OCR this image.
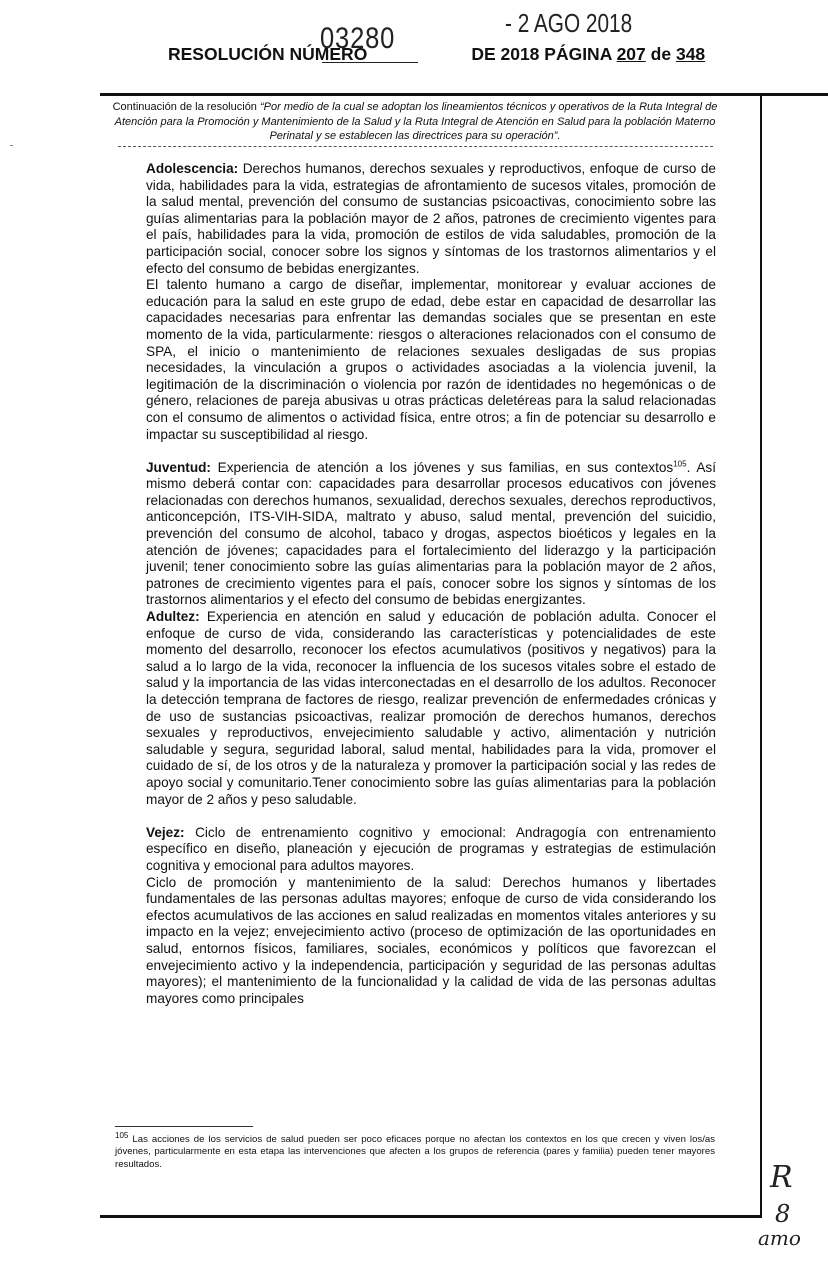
03280	- 2 AGO 2018
RESOLUCIÓN NÚMERO	DE 2018 PÁGINA 207 de 348
Continuación de la resolución “Por medio de la cual se adoptan los lineamientos técnicos y operativos de la Ruta Integral de Atención para la Promoción y Mantenimiento de la Salud y la Ruta Integral de Atención en Salud para la población Materno Perinatal y se establecen las directrices para su operación”.

Adolescencia: Derechos humanos, derechos sexuales y reproductivos, enfoque de curso de vida, habilidades para la vida, estrategias de afrontamiento de sucesos vitales, promoción de la salud mental, prevención del consumo de sustancias psicoactivas, conocimiento sobre las guías alimentarias para la población mayor de 2 años, patrones de crecimiento vigentes para el país, habilidades para la vida, promoción de estilos de vida saludables, promoción de la participación social, conocer sobre los signos y síntomas de los trastornos alimentarios y el efecto del consumo de bebidas energizantes.

El talento humano a cargo de diseñar, implementar, monitorear y evaluar acciones de educación para la salud en este grupo de edad, debe estar en capacidad de desarrollar las capacidades necesarias para enfrentar las demandas sociales que se presentan en este momento de la vida, particularmente: riesgos o alteraciones relacionados con el consumo de SPA, el inicio o mantenimiento de relaciones sexuales desligadas de sus propias necesidades, la vinculación a grupos o actividades asociadas a la violencia juvenil, la legitimación de la discriminación o violencia por razón de identidades no hegemónicas o de género, relaciones de pareja abusivas u otras prácticas deletéreas para la salud relacionadas con el consumo de alimentos o actividad física, entre otros; a fin de potenciar su desarrollo e impactar su susceptibilidad al riesgo.

Juventud: Experiencia de atención a los jóvenes y sus familias, en sus contextos$^{105}$. Así mismo deberá contar con: capacidades para desarrollar procesos educativos con jóvenes relacionadas con derechos humanos, sexualidad, derechos sexuales, derechos reproductivos, anticoncepción, ITS-VIH-SIDA, maltrato y abuso, salud mental, prevención del suicidio, prevención del consumo de alcohol, tabaco y drogas, aspectos bioéticos y legales en la atención de jóvenes; capacidades para el fortalecimiento del liderazgo y la participación juvenil; tener conocimiento sobre las guías alimentarias para la población mayor de 2 años, patrones de crecimiento vigentes para el país, conocer sobre los signos y síntomas de los trastornos alimentarios y el efecto del consumo de bebidas energizantes.

Adultez: Experiencia en atención en salud y educación de población adulta. Conocer el enfoque de curso de vida, considerando las características y potencialidades de este momento del desarrollo, reconocer los efectos acumulativos (positivos y negativos) para la salud a lo largo de la vida, reconocer la influencia de los sucesos vitales sobre el estado de salud y la importancia de las vidas interconectadas en el desarrollo de los adultos. Reconocer la detección temprana de factores de riesgo, realizar prevención de enfermedades crónicas y de uso de sustancias psicoactivas, realizar promoción de derechos humanos, derechos sexuales y reproductivos, envejecimiento saludable y activo, alimentación y nutrición saludable y segura, seguridad laboral, salud mental, habilidades para la vida, promover el cuidado de sí, de los otros y de la naturaleza y promover la participación social y las redes de apoyo social y comunitario.Tener conocimiento sobre las guías alimentarias para la población mayor de 2 años y peso saludable.

Vejez: Ciclo de entrenamiento cognitivo y emocional: Andragogía con entrenamiento específico en diseño, planeación y ejecución de programas y estrategias de estimulación cognitiva y emocional para adultos mayores.

Ciclo de promoción y mantenimiento de la salud: Derechos humanos y libertades fundamentales de las personas adultas mayores; enfoque de curso de vida considerando los efectos acumulativos de las acciones en salud realizadas en momentos vitales anteriores y su impacto en la vejez; envejecimiento activo (proceso de optimización de las oportunidades en salud, entornos físicos, familiares, sociales, económicos y políticos que favorezcan el envejecimiento activo y la independencia, participación y seguridad de las personas adultas mayores); el mantenimiento de la funcionalidad y la calidad de vida de las personas adultas mayores como principales

$^{105}$ Las acciones de los servicios de salud pueden ser poco eficaces porque no afectan los contextos en los que crecen y viven los/as jóvenes, particularmente en esta etapa las intervenciones que afecten a los grupos de referencia (pares y familia) pueden tener mayores resultados.	R
8
amo
